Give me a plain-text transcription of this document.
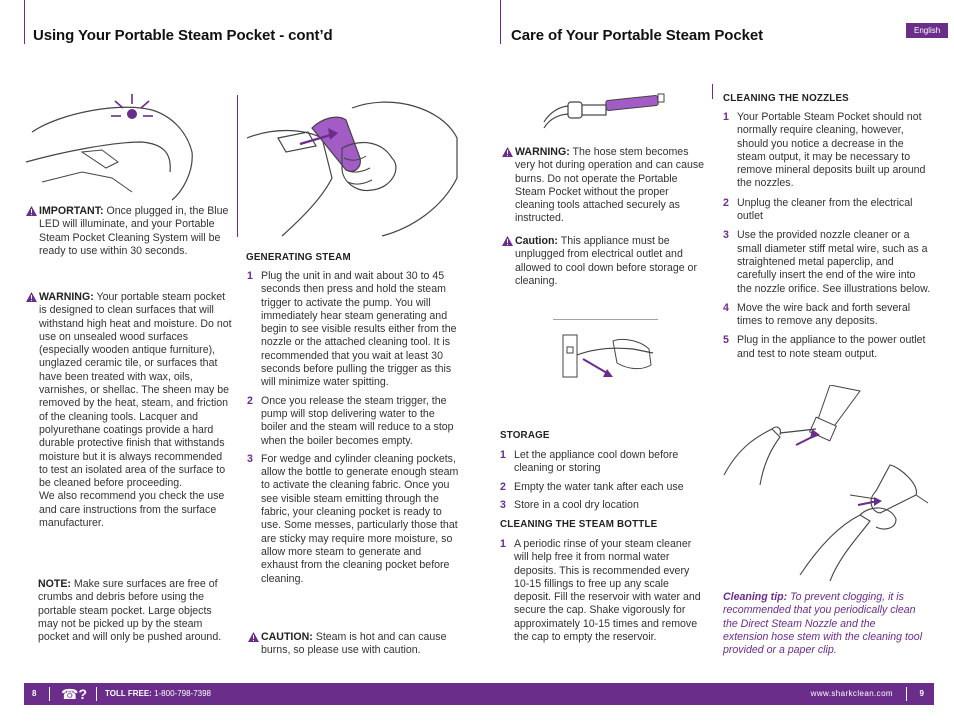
Using Your Portable Steam Pocket - cont’d	Care of Your Portable Steam Pocket	English
IMPORTANT: Once plugged in, the Blue LED will illuminate, and your Portable Steam Pocket Cleaning System will be ready to use within 30 seconds.
WARNING: Your portable steam pocket is designed to clean surfaces that will withstand high heat and moisture. Do not use on unsealed wood surfaces (especially wooden antique furniture), unglazed ceramic tile, or surfaces that have been treated with wax, oils, varnishes, or shellac. The sheen may be removed by the heat, steam, and friction of the cleaning tools. Lacquer and polyurethane coatings provide a hard durable protective finish that withstands moisture but it is always recommended to test an isolated area of the surface to be cleaned before proceeding.
We also recommend you check the use and care instructions from the surface manufacturer.
NOTE: Make sure surfaces are free of crumbs and debris before using the portable steam pocket. Large objects may not be picked up by the steam pocket and will only be pushed around.
GENERATING STEAM
1 Plug the unit in and wait about 30 to 45 seconds then press and hold the steam trigger to activate the pump. You will immediately hear steam generating and begin to see visible results either from the nozzle or the attached cleaning tool. It is recommended that you wait at least 30 seconds before pulling the trigger as this will minimize water spitting.
2 Once you release the steam trigger, the pump will stop delivering water to the boiler and the steam will reduce to a stop when the boiler becomes empty.
3 For wedge and cylinder cleaning pockets, allow the bottle to generate enough steam to activate the cleaning fabric. Once you see visible steam emitting through the fabric, your cleaning pocket is ready to use. Some messes, particularly those that are sticky may require more moisture, so allow more steam to generate and exhaust from the cleaning pocket before cleaning.
CAUTION: Steam is hot and can cause burns, so please use with caution.
WARNING: The hose stem becomes very hot during operation and can cause burns. Do not operate the Portable Steam Pocket without the proper cleaning tools attached securely as instructed.
Caution: This appliance must be unplugged from electrical outlet and allowed to cool down before storage or cleaning.
STORAGE
1 Let the appliance cool down before cleaning or storing
2 Empty the water tank after each use
3 Store in a cool dry location
CLEANING THE STEAM BOTTLE
1 A periodic rinse of your steam cleaner will help free it from normal water deposits. This is recommended every 10-15 fillings to free up any scale deposit. Fill the reservoir with water and secure the cap. Shake vigorously for approximately 10-15 times and remove the cap to empty the reservoir.
CLEANING THE NOZZLES
1 Your Portable Steam Pocket should not normally require cleaning, however, should you notice a decrease in the steam output, it may be necessary to remove mineral deposits built up around the nozzles.
2 Unplug the cleaner from the electrical outlet
3 Use the provided nozzle cleaner or a small diameter stiff metal wire, such as a straightened metal paperclip, and carefully insert the end of the wire into the nozzle orifice. See illustrations below.
4 Move the wire back and forth several times to remove any deposits.
5 Plug in the appliance to the power outlet and test to note steam output.
Cleaning tip: To prevent clogging, it is recommended that you periodically clean the Direct Steam Nozzle and the extension hose stem with the cleaning tool provided or a paper clip.
8 ☎? TOLL FREE: 1-800-798-7398	www.sharkclean.com	9
